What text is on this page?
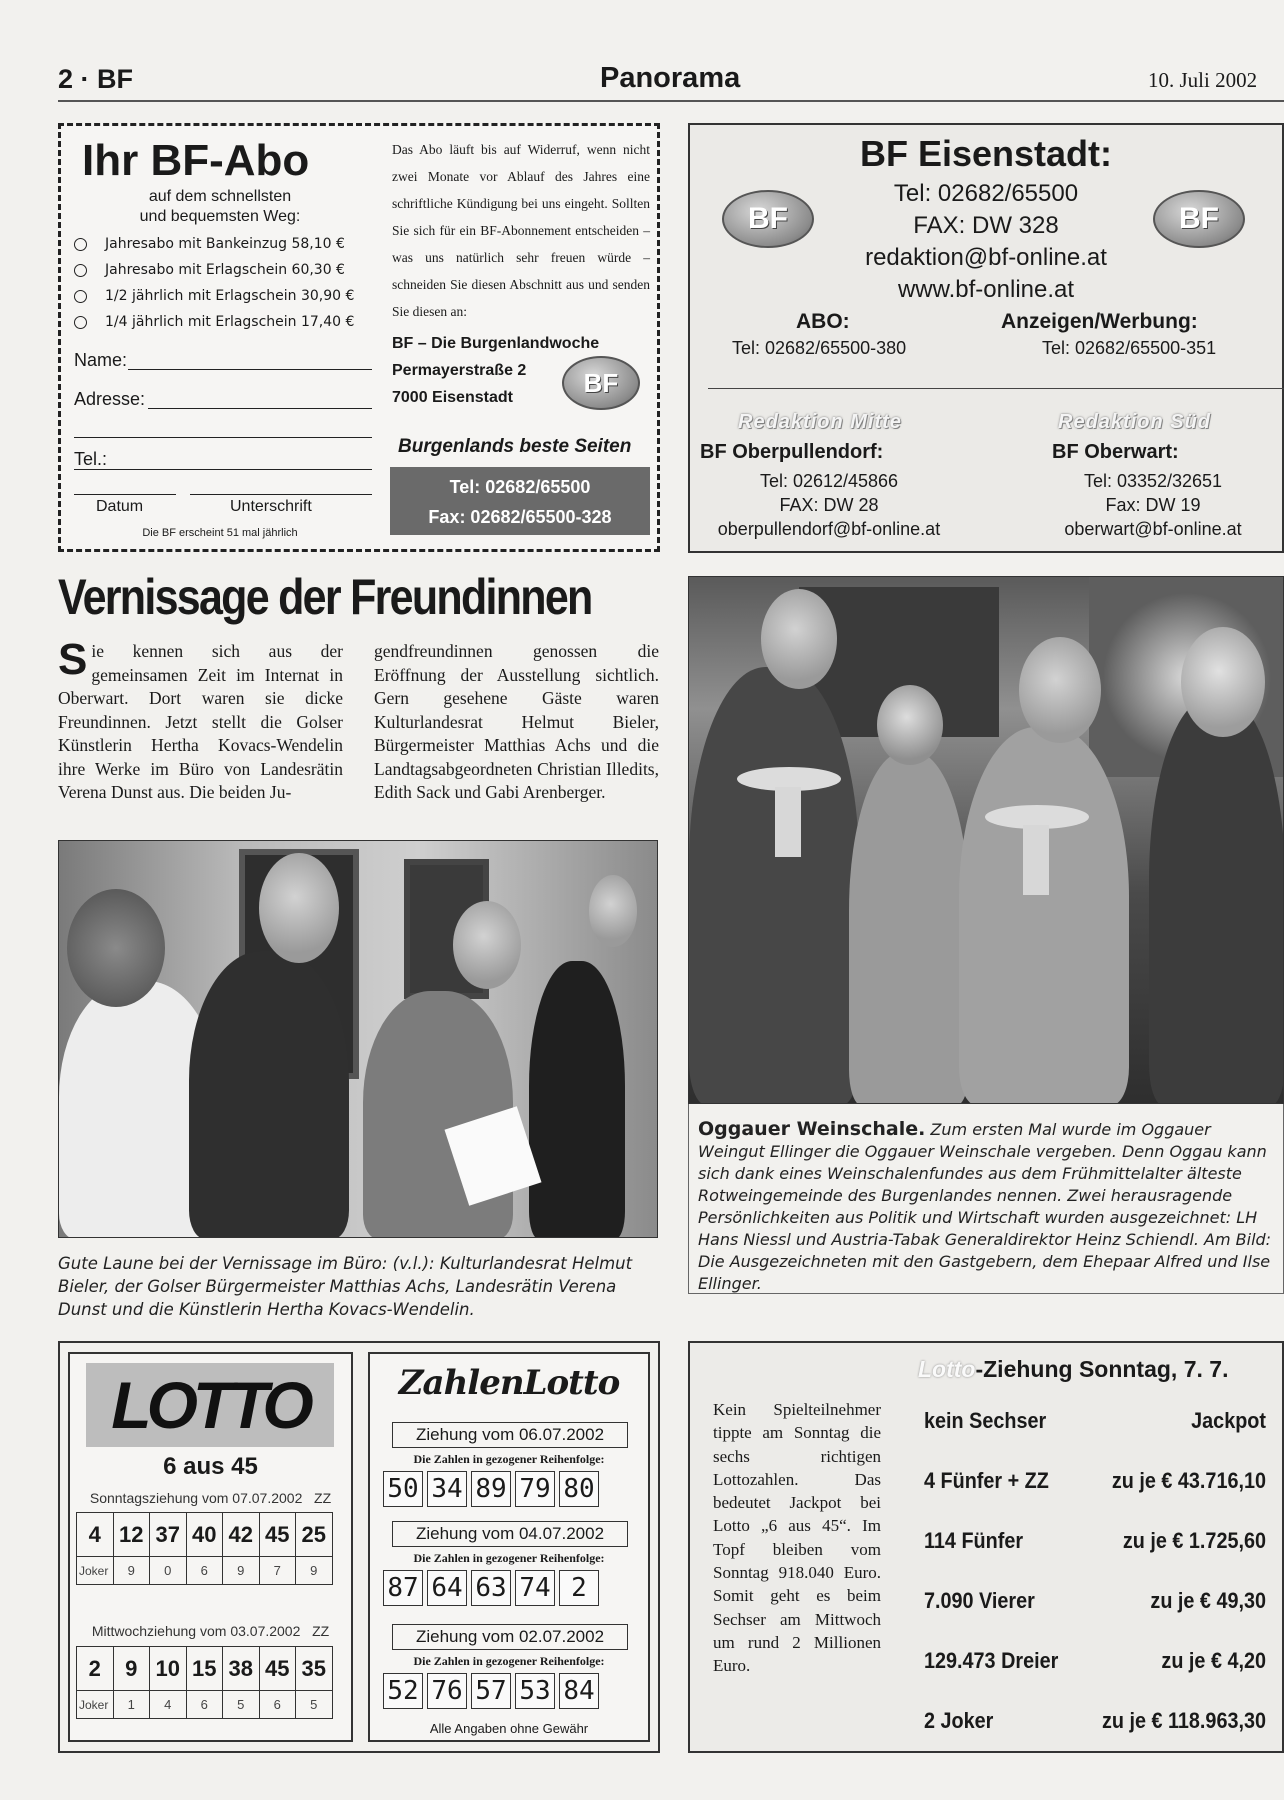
2 · BF	Panorama	10. Juli 2002
Ihr BF-Abo
auf dem schnellsten
und bequemsten Weg:
Jahresabo mit Bankeinzug 58,10 €
Jahresabo mit Erlagschein 60,30 €
1/2 jährlich mit Erlagschein 30,90 €
1/4 jährlich mit Erlagschein 17,40 €
Name:
Adresse:
Tel.:
Datum	Unterschrift
Die BF erscheint 51 mal jährlich
Das Abo läuft bis auf Widerruf, wenn nicht zwei Monate vor Ablauf des Jahres eine schriftliche Kündigung bei uns eingeht. Sollten Sie sich für ein BF-Abonnement entscheiden – was uns natürlich sehr freuen würde – schneiden Sie diesen Abschnitt aus und senden Sie diesen an:
BF – Die Burgenlandwoche
Permayerstraße 2
7000 Eisenstadt	BF
Burgenlands beste Seiten
Tel: 02682/65500
Fax: 02682/65500-328
BF Eisenstadt:
Tel: 02682/65500
FAX: DW 328
redaktion@bf-online.at
www.bf-online.at
BF	BF
ABO:
Tel: 02682/65500-380
Anzeigen/Werbung:
Tel: 02682/65500-351
Redaktion Mitte
BF Oberpullendorf:
Tel: 02612/45866
FAX: DW 28
oberpullendorf@bf-online.at
Redaktion Süd
BF Oberwart:
Tel: 03352/32651
Fax: DW 19
oberwart@bf-online.at
Vernissage der Freundinnen
Sie kennen sich aus der gemeinsamen Zeit im Internat in Oberwart. Dort waren sie dicke Freundinnen. Jetzt stellt die Golser Künstlerin Hertha Kovacs-Wendelin ihre Werke im Büro von Landesrätin Verena Dunst aus. Die beiden Ju-
gendfreundinnen genossen die Eröffnung der Ausstellung sichtlich. Gern gesehene Gäste waren Kulturlandesrat Helmut Bieler, Bürgermeister Matthias Achs und die Landtagsabgeordneten Christian Illedits, Edith Sack und Gabi Arenberger.
Gute Laune bei der Vernissage im Büro: (v.l.): Kulturlandesrat Helmut Bieler, der Golser Bürgermeister Matthias Achs, Landesrätin Verena Dunst und die Künstlerin Hertha Kovacs-Wendelin.
Oggauer Weinschale. Zum ersten Mal wurde im Oggauer Weingut Ellinger die Oggauer Weinschale vergeben. Denn Oggau kann sich dank eines Weinschalenfundes aus dem Frühmittelalter älteste Rotweingemeinde des Burgenlandes nennen. Zwei herausragende Persönlichkeiten aus Politik und Wirtschaft wurden ausgezeichnet: LH Hans Niessl und Austria-Tabak Generaldirektor Heinz Schiendl. Am Bild: Die Ausgezeichneten mit den Gastgebern, dem Ehepaar Alfred und Ilse Ellinger.
LOTTO
6 aus 45
Sonntagsziehung vom 07.07.2002 ZZ
4	12	37	40	42	45	25
Joker	9	0	6	9	7	9
Mittwochziehung vom 03.07.2002 ZZ
2	9	10	15	38	45	35
Joker	1	4	6	5	6	5
ZahlenLotto
Ziehung vom 06.07.2002
Die Zahlen in gezogener Reihenfolge:
50 34 89 79 80
Ziehung vom 04.07.2002
Die Zahlen in gezogener Reihenfolge:
87 64 63 74 2
Ziehung vom 02.07.2002
Die Zahlen in gezogener Reihenfolge:
52 76 57 53 84
Alle Angaben ohne Gewähr
Lotto-Ziehung Sonntag, 7. 7.
Kein Spielteilnehmer tippte am Sonntag die sechs richtigen Lottozahlen. Das bedeutet Jackpot bei Lotto „6 aus 45“. Im Topf bleiben vom Sonntag 918.040 Euro. Somit geht es beim Sechser am Mittwoch um rund 2 Millionen Euro.
kein Sechser	Jackpot
4 Fünfer + ZZ	zu je € 43.716,10
114 Fünfer	zu je € 1.725,60
7.090 Vierer	zu je € 49,30
129.473 Dreier	zu je € 4,20
2 Joker	zu je € 118.963,30
